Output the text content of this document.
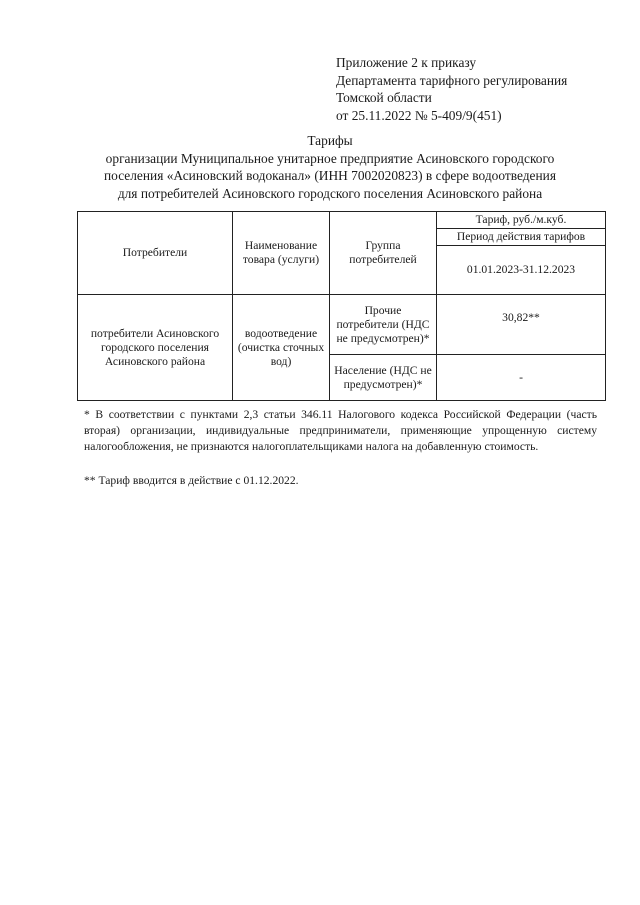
Приложение 2 к приказу
Департамента тарифного регулирования
Томской области
от 25.11.2022 № 5-409/9(451)
Тарифы
организации Муниципальное унитарное предприятие Асиновского городского
поселения «Асиновский водоканал» (ИНН 7002020823) в сфере водоотведения
для потребителей Асиновского городского поселения Асиновского района
Потребители	Наименование товара (услуги)	Группа потребителей	Тариф, руб./м.куб.
			Период действия тарифов
			01.01.2023-31.12.2023
потребители Асиновского городского поселения Асиновского района	водоотведение (очистка сточных вод)	Прочие потребители (НДС не предусмотрен)*	30,82**
		Население (НДС не предусмотрен)*	-
* В соответствии с пунктами 2,3 статьи 346.11 Налогового кодекса Российской Федерации (часть вторая) организации, индивидуальные предприниматели, применяющие упрощенную систему налогообложения, не признаются налогоплательщиками налога на добавленную стоимость.
** Тариф вводится в действие с 01.12.2022.
